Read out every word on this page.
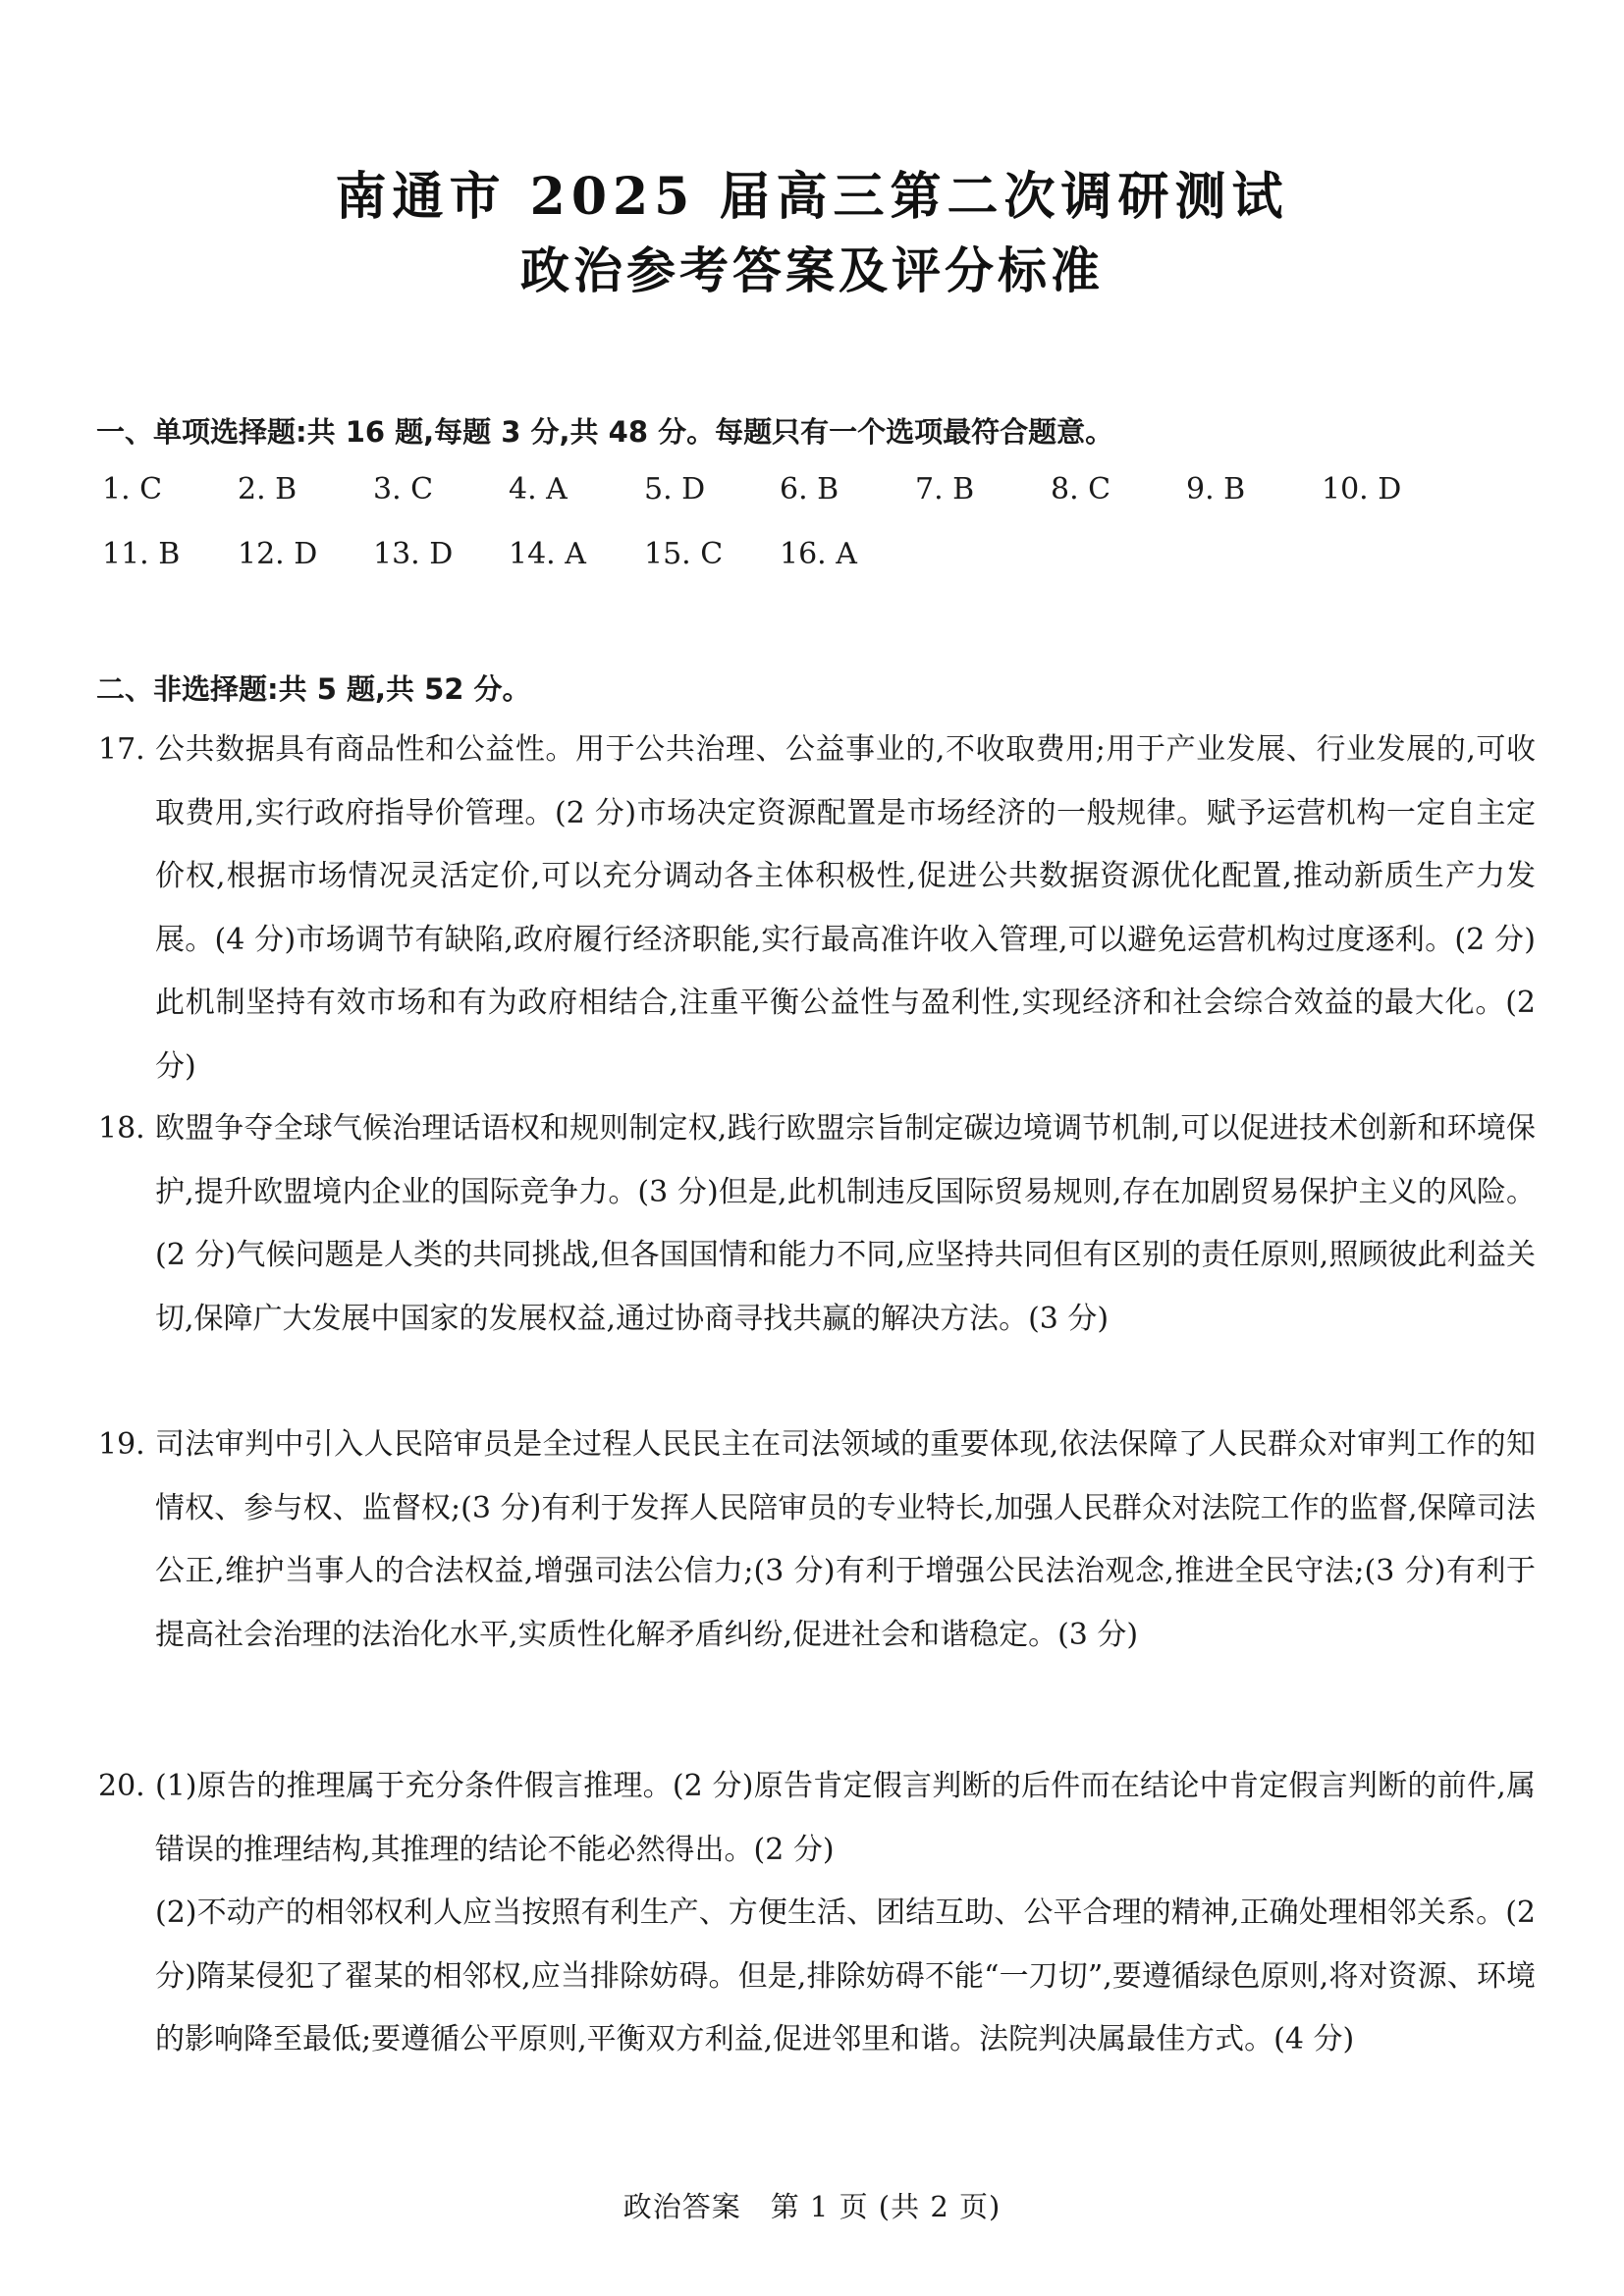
南通市 2025 届高三第二次调研测试
政治参考答案及评分标准
一、单项选择题:共 16 题,每题 3 分,共 48 分。每题只有一个选项最符合题意。
1. C	2. B	3. C	4. A	5. D	6. B	7. B	8. C	9. B	10. D
11. B	12. D	13. D	14. A	15. C	16. A
二、非选择题:共 5 题,共 52 分。
17. 公共数据具有商品性和公益性。用于公共治理、公益事业的,不收取费用;用于产业发展、行业发展的,可收取费用,实行政府指导价管理。(2 分)市场决定资源配置是市场经济的一般规律。赋予运营机构一定自主定价权,根据市场情况灵活定价,可以充分调动各主体积极性,促进公共数据资源优化配置,推动新质生产力发展。(4 分)市场调节有缺陷,政府履行经济职能,实行最高准许收入管理,可以避免运营机构过度逐利。(2 分)此机制坚持有效市场和有为政府相结合,注重平衡公益性与盈利性,实现经济和社会综合效益的最大化。(2 分)
18. 欧盟争夺全球气候治理话语权和规则制定权,践行欧盟宗旨制定碳边境调节机制,可以促进技术创新和环境保护,提升欧盟境内企业的国际竞争力。(3 分)但是,此机制违反国际贸易规则,存在加剧贸易保护主义的风险。(2 分)气候问题是人类的共同挑战,但各国国情和能力不同,应坚持共同但有区别的责任原则,照顾彼此利益关切,保障广大发展中国家的发展权益,通过协商寻找共赢的解决方法。(3 分)
19. 司法审判中引入人民陪审员是全过程人民民主在司法领域的重要体现,依法保障了人民群众对审判工作的知情权、参与权、监督权;(3 分)有利于发挥人民陪审员的专业特长,加强人民群众对法院工作的监督,保障司法公正,维护当事人的合法权益,增强司法公信力;(3 分)有利于增强公民法治观念,推进全民守法;(3 分)有利于提高社会治理的法治化水平,实质性化解矛盾纠纷,促进社会和谐稳定。(3 分)
20. (1)原告的推理属于充分条件假言推理。(2 分)原告肯定假言判断的后件而在结论中肯定假言判断的前件,属错误的推理结构,其推理的结论不能必然得出。(2 分)
(2)不动产的相邻权利人应当按照有利生产、方便生活、团结互助、公平合理的精神,正确处理相邻关系。(2 分)隋某侵犯了翟某的相邻权,应当排除妨碍。但是,排除妨碍不能“一刀切”,要遵循绿色原则,将对资源、环境的影响降至最低;要遵循公平原则,平衡双方利益,促进邻里和谐。法院判决属最佳方式。(4 分)
政治答案　第 1 页 (共 2 页)
